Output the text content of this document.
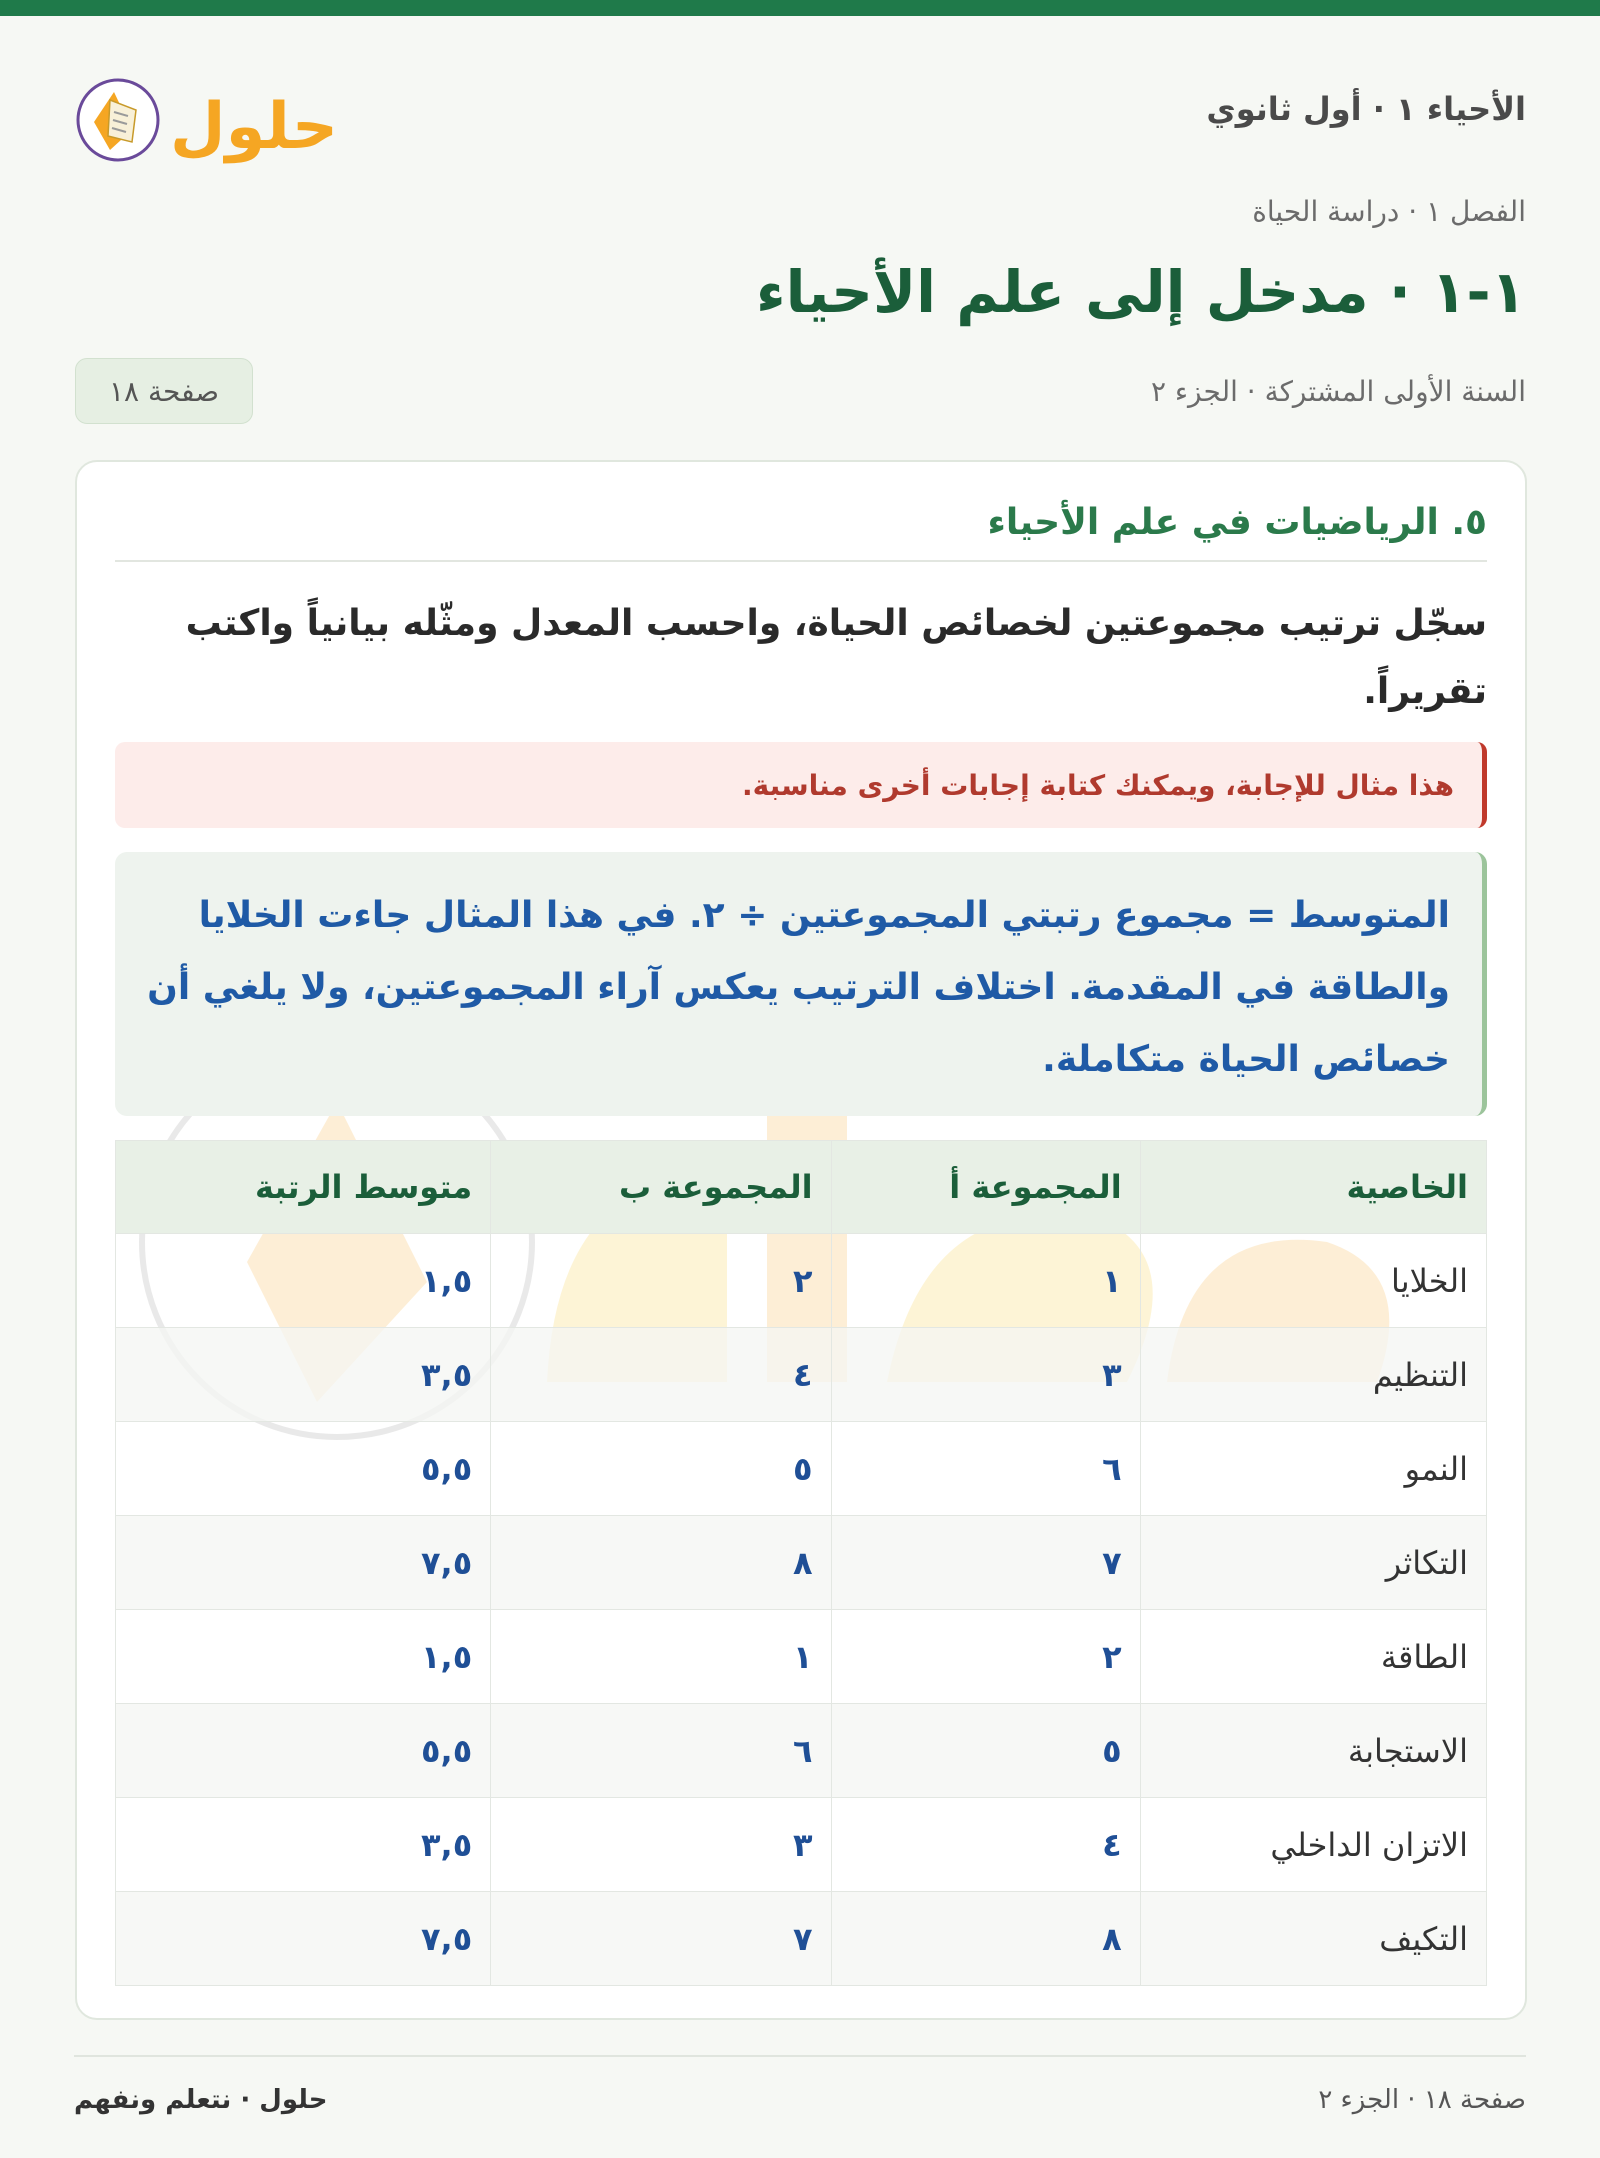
الأحياء ١ · أول ثانوي
حلول
الفصل ١ · دراسة الحياة
١-١ · مدخل إلى علم الأحياء
السنة الأولى المشتركة · الجزء ٢
صفحة ١٨
٥. الرياضيات في علم الأحياء
سجّل ترتيب مجموعتين لخصائص الحياة، واحسب المعدل ومثّله بيانياً واكتب تقريراً.
هذا مثال للإجابة، ويمكنك كتابة إجابات أخرى مناسبة.
المتوسط = مجموع رتبتي المجموعتين ÷ ٢. في هذا المثال جاءت الخلايا والطاقة في المقدمة. اختلاف الترتيب يعكس آراء المجموعتين، ولا يلغي أن خصائص الحياة متكاملة.
الخاصية	المجموعة أ	المجموعة ب	متوسط الرتبة
الخلايا	١	٢	١,٥
التنظيم	٣	٤	٣,٥
النمو	٦	٥	٥,٥
التكاثر	٧	٨	٧,٥
الطاقة	٢	١	١,٥
الاستجابة	٥	٦	٥,٥
الاتزان الداخلي	٤	٣	٣,٥
التكيف	٨	٧	٧,٥
حلول · نتعلم ونفهم	صفحة ١٨ · الجزء ٢
